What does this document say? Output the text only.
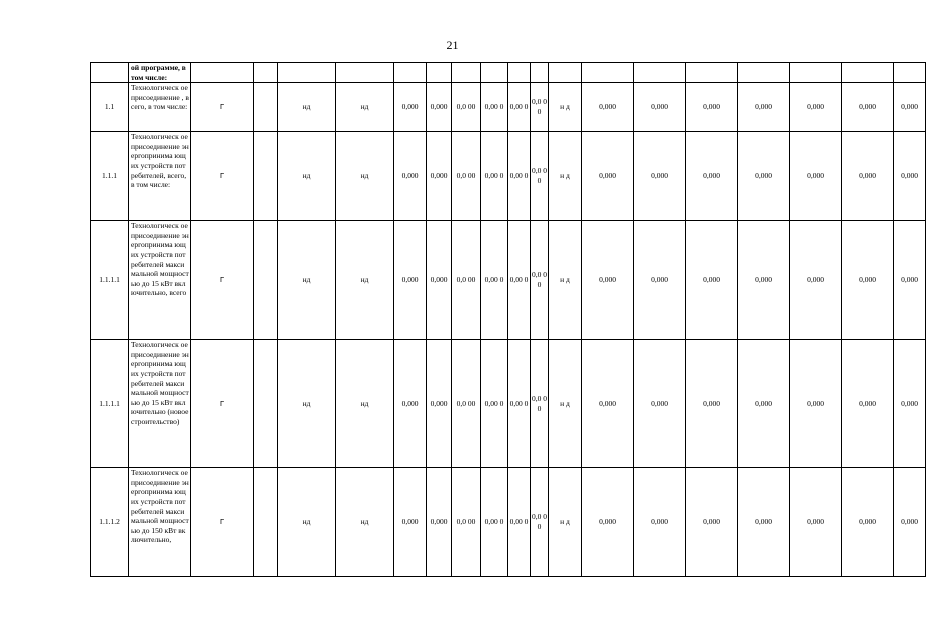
21
	ой программе, в том числе:																		
1.1	Технологическ ое присоединение , всего, в том числе:	Г		нд	нд	0,000	0,000	0,0 00	0,00 0	0,00 0	0,0 00	н д	0,000	0,000	0,000	0,000	0,000	0,000	0,000
1.1.1	Технологическ ое присоединение энергопринима ющих устройств потребителей, всего, в том числе:	Г		нд	нд	0,000	0,000	0,0 00	0,00 0	0,00 0	0,0 00	н д	0,000	0,000	0,000	0,000	0,000	0,000	0,000
1.1.1.1	Технологическ ое присоединение энергопринима ющих устройств потребителей максимальной мощностью до 15 кВт включительно, всего	Г		нд	нд	0,000	0,000	0,0 00	0,00 0	0,00 0	0,0 00	н д	0,000	0,000	0,000	0,000	0,000	0,000	0,000
1.1.1.1	Технологическ ое присоединение энергопринима ющих устройств потребителей максимальной мощностью до 15 кВт включительно (новое строительство)	Г		нд	нд	0,000	0,000	0,0 00	0,00 0	0,00 0	0,0 00	н д	0,000	0,000	0,000	0,000	0,000	0,000	0,000
1.1.1.2	Технологическ ое присоединение энергопринима ющих устройств потребителей максимальной мощностью до 150 кВт включительно,	Г		нд	нд	0,000	0,000	0,0 00	0,00 0	0,00 0	0,0 00	н д	0,000	0,000	0,000	0,000	0,000	0,000	0,000
